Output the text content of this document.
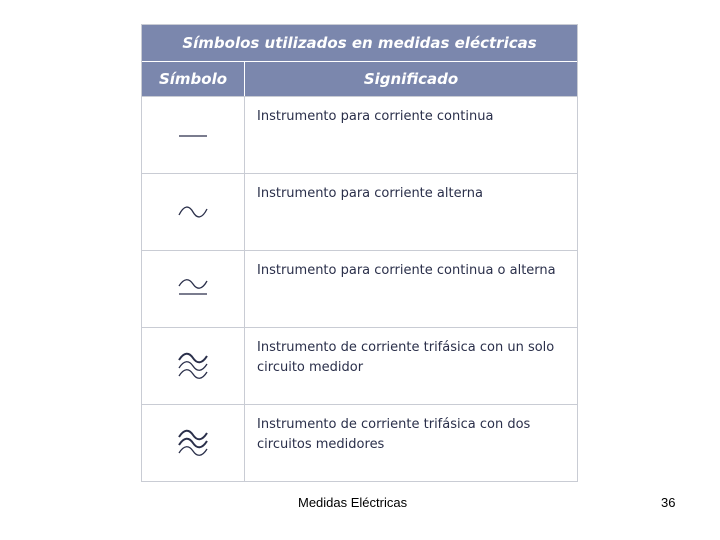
Símbolos utilizados en medidas eléctricas
Símbolo	Significado
Instrumento para corriente continua
Instrumento para corriente alterna
Instrumento para corriente continua o alterna
Instrumento de corriente trifásica con un solo circuito medidor
Instrumento de corriente trifásica con dos circuitos medidores
Medidas Eléctricas	36
